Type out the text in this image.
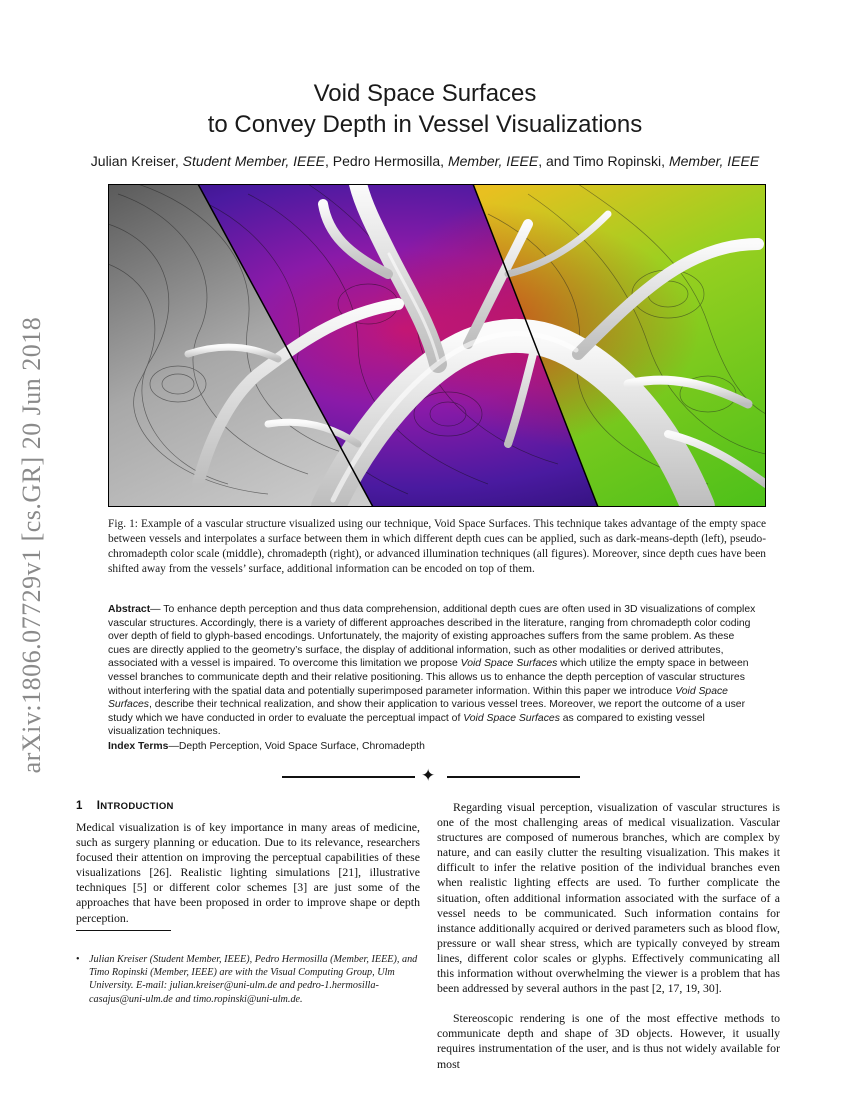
arXiv:1806.07729v1 [cs.GR] 20 Jun 2018
Void Space Surfaces
to Convey Depth in Vessel Visualizations
Julian Kreiser, Student Member, IEEE, Pedro Hermosilla, Member, IEEE, and Timo Ropinski, Member, IEEE
Fig. 1: Example of a vascular structure visualized using our technique, Void Space Surfaces. This technique takes advantage of the empty space between vessels and interpolates a surface between them in which different depth cues can be applied, such as dark-means-depth (left), pseudo-chromadepth color scale (middle), chromadepth (right), or advanced illumination techniques (all figures). Moreover, since depth cues have been shifted away from the vessels’ surface, additional information can be encoded on top of them.
Abstract— To enhance depth perception and thus data comprehension, additional depth cues are often used in 3D visualizations of complex vascular structures. Accordingly, there is a variety of different approaches described in the literature, ranging from chromadepth color coding over depth of field to glyph-based encodings. Unfortunately, the majority of existing approaches suffers from the same problem. As these cues are directly applied to the geometry’s surface, the display of additional information, such as other modalities or derived attributes, associated with a vessel is impaired. To overcome this limitation we propose Void Space Surfaces which utilize the empty space in between vessel branches to communicate depth and their relative positioning. This allows us to enhance the depth perception of vascular structures without interfering with the spatial data and potentially superimposed parameter information. Within this paper we introduce Void Space Surfaces, describe their technical realization, and show their application to various vessel trees. Moreover, we report the outcome of a user study which we have conducted in order to evaluate the perceptual impact of Void Space Surfaces as compared to existing vessel visualization techniques.
Index Terms—Depth Perception, Void Space Surface, Chromadepth
✦
1 INTRODUCTION

Medical visualization is of key importance in many areas of medicine, such as surgery planning or education. Due to its relevance, researchers focused their attention on improving the perceptual capabilities of these visualizations [26]. Realistic lighting simulations [21], illustrative techniques [5] or different color schemes [3] are just some of the approaches that have been proposed in order to improve shape or depth perception.

• Julian Kreiser (Student Member, IEEE), Pedro Hermosilla (Member, IEEE), and Timo Ropinski (Member, IEEE) are with the Visual Computing Group, Ulm University. E-mail: julian.kreiser@uni-ulm.de and pedro-1.hermosilla-casajus@uni-ulm.de and timo.ropinski@uni-ulm.de.

Regarding visual perception, visualization of vascular structures is one of the most challenging areas of medical visualization. Vascular structures are composed of numerous branches, which are complex by nature, and can easily clutter the resulting visualization. This makes it difficult to infer the relative position of the individual branches even when realistic lighting effects are used. To further complicate the situation, often additional information associated with the surface of a vessel needs to be communicated. Such information contains for instance additionally acquired or derived parameters such as blood flow, pressure or wall shear stress, which are typically conveyed by stream lines, different color scales or glyphs. Effectively communicating all this information without overwhelming the viewer is a problem that has been addressed by several authors in the past [2, 17, 19, 30].

Stereoscopic rendering is one of the most effective methods to communicate depth and shape of 3D objects. However, it usually requires instrumentation of the user, and is thus not widely available for most
